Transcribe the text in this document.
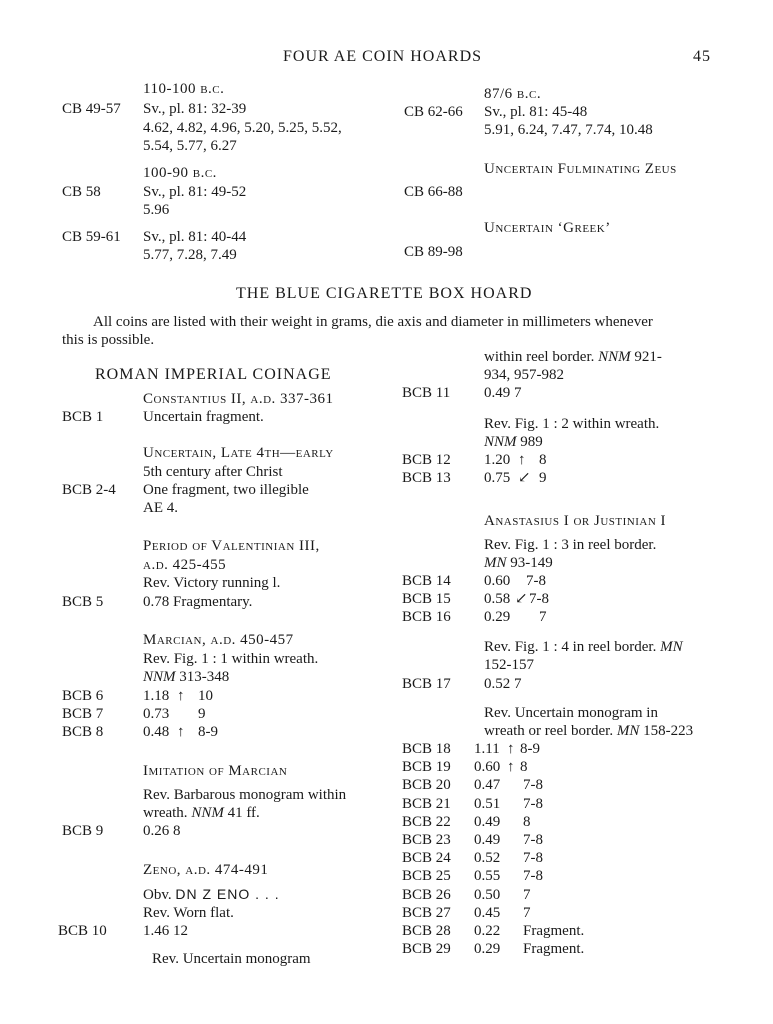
FOUR AE COIN HOARDS	45
110-100 b.c.
CB 49-57 Sv., pl. 81: 32-39
4.62, 4.82, 4.96, 5.20, 5.25, 5.52,
5.54, 5.77, 6.27
100-90 b.c.
CB 58	Sv., pl. 81: 49-52
5.96
CB 59-61 Sv., pl. 81: 40-44
5.77, 7.28, 7.49
87/6 b.c.
CB 62-66 Sv., pl. 81: 45-48
5.91, 6.24, 7.47, 7.74, 10.48
Uncertain Fulminating Zeus
CB 66-88
Uncertain ‘Greek’
CB 89-98
THE BLUE CIGARETTE BOX HOARD
All coins are listed with their weight in grams, die axis and diameter in millimeters whenever
this is possible.
ROMAN IMPERIAL COINAGE
Constantius II, a.d. 337-361
BCB 1	Uncertain fragment.
Uncertain, Late 4th—early
5th century after Christ
BCB 2-4 One fragment, two illegible
AE 4.
Period of Valentinian III,
a.d. 425-455
Rev. Victory running l.
BCB 5	0.78 Fragmentary.
Marcian, a.d. 450-457
Rev. Fig. 1 : 1 within wreath.
NNM 313-348
BCB 6	1.18 ↑ 10
BCB 7	0.73 9
BCB 8	0.48 ↑ 8-9
Imitation of Marcian
Rev. Barbarous monogram within
wreath. NNM 41 ff.
BCB 9	0.26 8
Zeno, a.d. 474-491
Obv. DN Z ENO . . .
Rev. Worn flat.
BCB 10 1.46 12
Rev. Uncertain monogram
within reel border. NNM 921-
934, 957-982
BCB 11 0.49 7
Rev. Fig. 1 : 2 within wreath.
NNM 989
BCB 12 1.20 ↑ 8
BCB 13 0.75 ↙ 9
Anastasius I or Justinian I
Rev. Fig. 1 : 3 in reel border.
MN 93-149
BCB 14 0.60 7-8
BCB 15 0.58 ↙ 7-8
BCB 16 0.29 7
Rev. Fig. 1 : 4 in reel border. MN
152-157
BCB 17 0.52 7
Rev. Uncertain monogram in
wreath or reel border. MN 158-223
BCB 18 1.11 ↑ 8-9
BCB 19 0.60 ↑ 8
BCB 20 0.47 7-8
BCB 21 0.51 7-8
BCB 22 0.49 8
BCB 23 0.49 7-8
BCB 24 0.52 7-8
BCB 25 0.55 7-8
BCB 26 0.50 7
BCB 27 0.45 7
BCB 28 0.22 Fragment.
BCB 29 0.29 Fragment.
